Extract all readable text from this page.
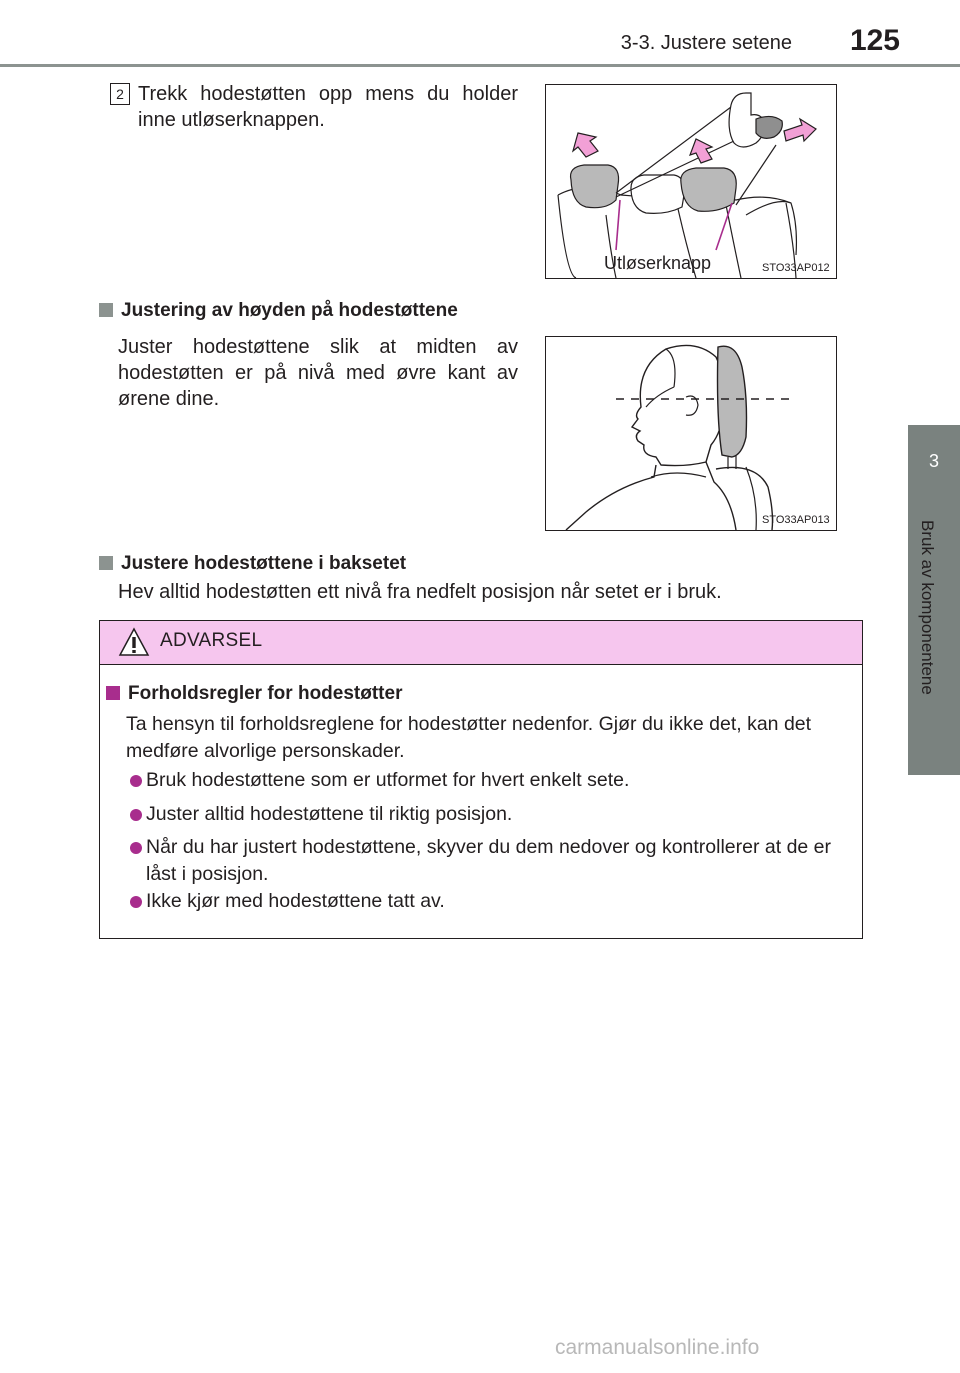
3-3. Justere setene	125
3
Bruk av komponentene
2 Trekk hodestøtten opp mens du holder inne utløserknappen.
Utløserknapp	STO33AP012
Justering av høyden på hodestøttene
Juster hodestøttene slik at midten av hodestøtten er på nivå med øvre kant av ørene dine.
STO33AP013
Justere hodestøttene i baksetet
Hev alltid hodestøtten ett nivå fra nedfelt posisjon når setet er i bruk.
ADVARSEL
Forholdsregler for hodestøtter
Ta hensyn til forholdsreglene for hodestøtter nedenfor. Gjør du ikke det, kan det medføre alvorlige personskader.
Bruk hodestøttene som er utformet for hvert enkelt sete.
Juster alltid hodestøttene til riktig posisjon.
Når du har justert hodestøttene, skyver du dem nedover og kontrollerer at de er låst i posisjon.
Ikke kjør med hodestøttene tatt av.
carmanualsonline.info
